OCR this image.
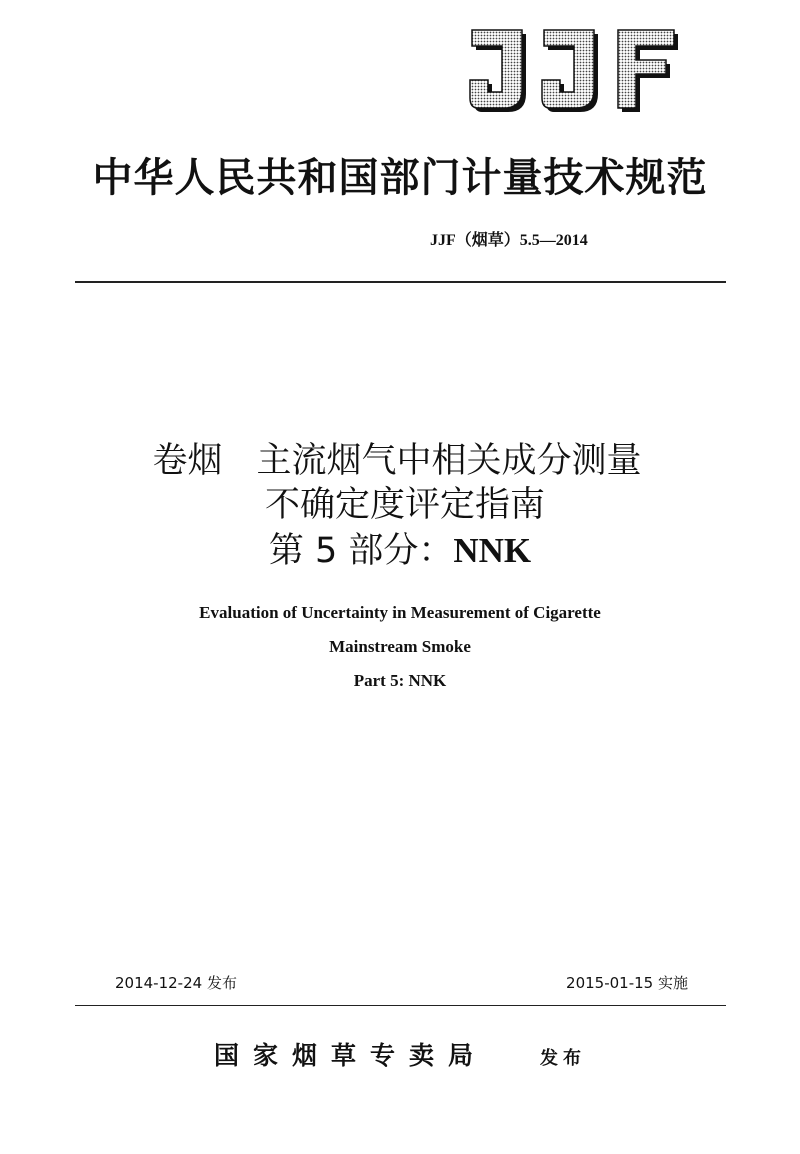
JJF
中华人民共和国部门计量技术规范
JJF（烟草）5.5—2014
卷烟 主流烟气中相关成分测量
不确定度评定指南
第 5 部分：NNK
Evaluation of Uncertainty in Measurement of Cigarette
Mainstream Smoke
Part 5: NNK
2014-12-24 发布	2015-01-15 实施
国家烟草专卖局	发布
